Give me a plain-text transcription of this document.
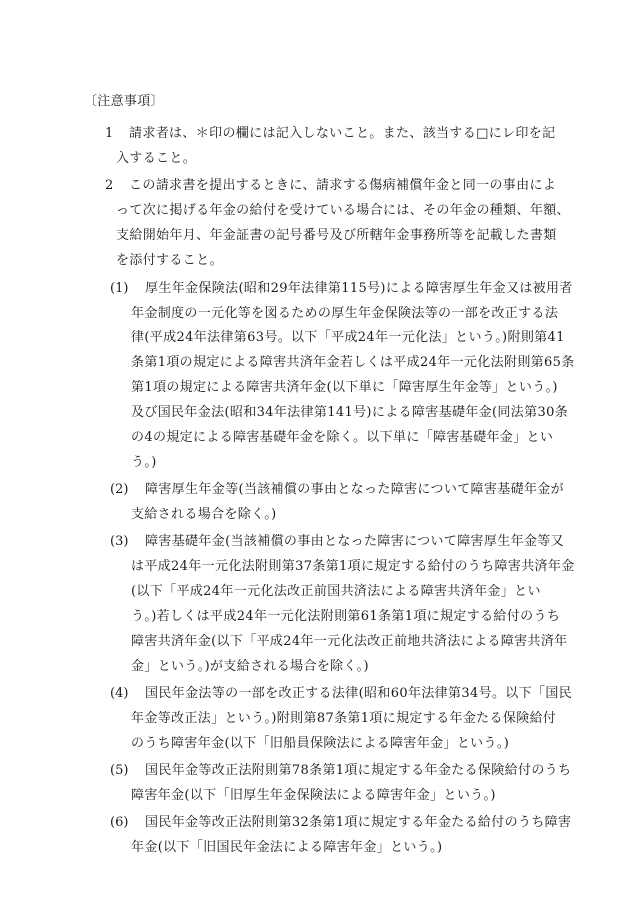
〔注意事項〕
1 請求者は、＊印の欄には記入しないこと。また、該当する□にレ印を記
入すること。
2 この請求書を提出するときに、請求する傷病補償年金と同一の事由によ
って次に掲げる年金の給付を受けている場合には、その年金の種類、年額、
支給開始年月、年金証書の記号番号及び所轄年金事務所等を記載した書類
を添付すること。
(1) 厚生年金保険法(昭和29年法律第115号)による障害厚生年金又は被用者
年金制度の一元化等を図るための厚生年金保険法等の一部を改正する法
律(平成24年法律第63号。以下「平成24年一元化法」という。)附則第41
条第1項の規定による障害共済年金若しくは平成24年一元化法附則第65条
第1項の規定による障害共済年金(以下単に「障害厚生年金等」という。)
及び国民年金法(昭和34年法律第141号)による障害基礎年金(同法第30条
の4の規定による障害基礎年金を除く。以下単に「障害基礎年金」とい
う。)
(2) 障害厚生年金等(当該補償の事由となった障害について障害基礎年金が
支給される場合を除く。)
(3) 障害基礎年金(当該補償の事由となった障害について障害厚生年金等又
は平成24年一元化法附則第37条第1項に規定する給付のうち障害共済年金
(以下「平成24年一元化法改正前国共済法による障害共済年金」とい
う。)若しくは平成24年一元化法附則第61条第1項に規定する給付のうち
障害共済年金(以下「平成24年一元化法改正前地共済法による障害共済年
金」という。)が支給される場合を除く。)
(4) 国民年金法等の一部を改正する法律(昭和60年法律第34号。以下「国民
年金等改正法」という。)附則第87条第1項に規定する年金たる保険給付
のうち障害年金(以下「旧船員保険法による障害年金」という。)
(5) 国民年金等改正法附則第78条第1項に規定する年金たる保険給付のうち
障害年金(以下「旧厚生年金保険法による障害年金」という。)
(6) 国民年金等改正法附則第32条第1項に規定する年金たる給付のうち障害
年金(以下「旧国民年金法による障害年金」という。)
